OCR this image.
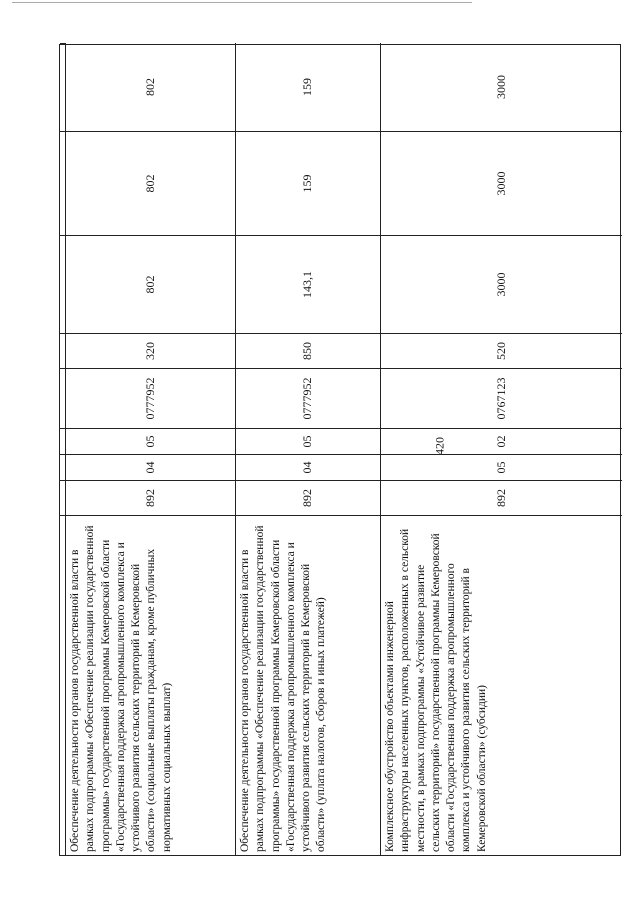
420
Обеспечение деятельности органов государственной власти в рамках подпрограммы «Обеспечение реализации государственной программы» государственной программы Кемеровской области «Государственная поддержка агропромышленного комплекса и устойчивого развития сельских территорий в Кемеровской области» (социальные выплаты гражданам, кроме публичных нормативных социальных выплат)
892
04
05
0777952
320
802
802
802
Обеспечение деятельности органов государственной власти в рамках подпрограммы «Обеспечение реализации государственной программы» государственной программы Кемеровской области «Государственная поддержка агропромышленного комплекса и устойчивого развития сельских территорий в Кемеровской области» (уплата налогов, сборов и иных платежей)
892
04
05
0777952
850
143,1
159
159
Комплексное обустройство объектами инженерной инфраструктуры населенных пунктов, расположенных в сельской местности, в рамках подпрограммы «Устойчивое развитие сельских территорий» государственной программы Кемеровской области «Государственная поддержка агропромышленного комплекса и устойчивого развития сельских территорий в Кемеровской области» (субсидии)
892
05
02
0767123
520
3000
3000
3000
